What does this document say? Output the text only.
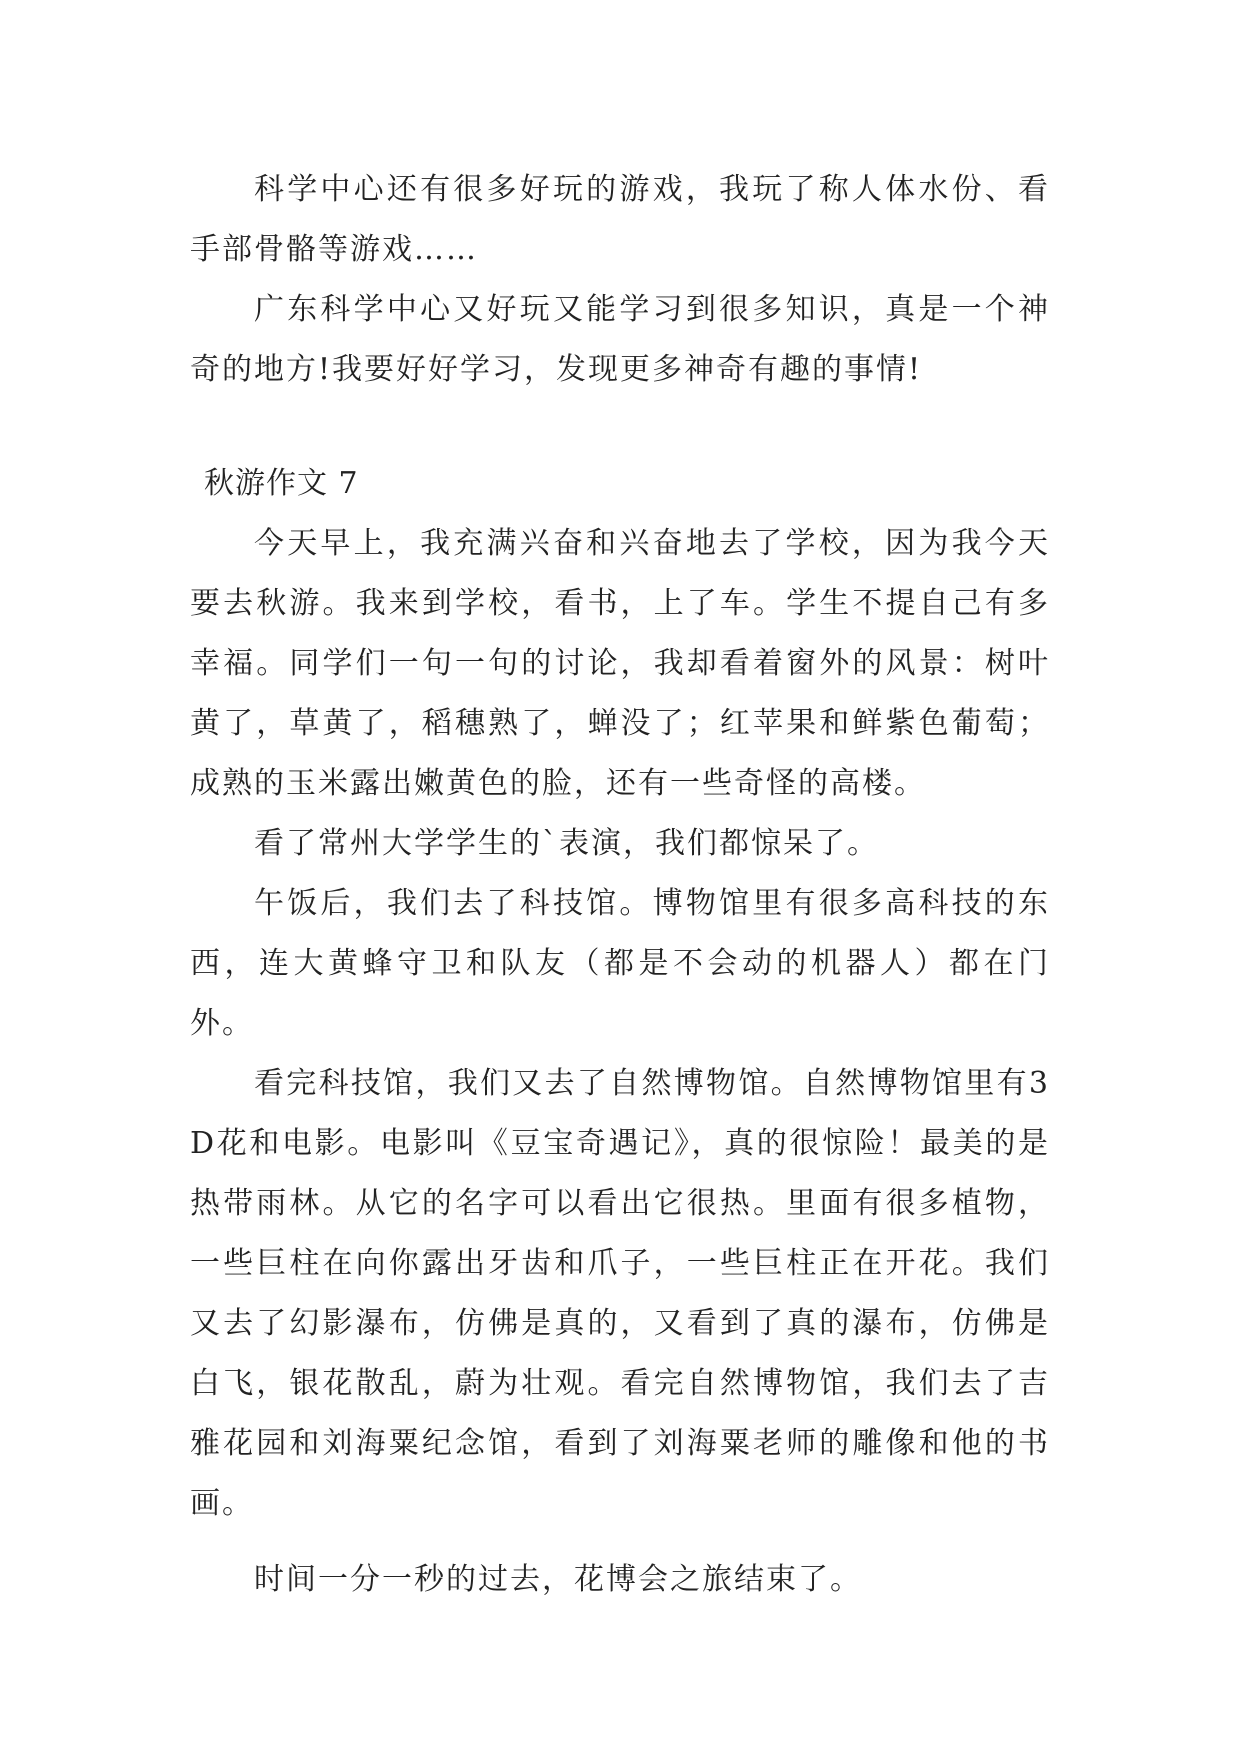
科学中心还有很多好玩的游戏，我玩了称人体水份、看手部骨骼等游戏……

广东科学中心又好玩又能学习到很多知识，真是一个神奇的地方!我要好好学习，发现更多神奇有趣的事情!

秋游作文 7

今天早上，我充满兴奋和兴奋地去了学校，因为我今天要去秋游。我来到学校，看书，上了车。学生不提自己有多幸福。同学们一句一句的讨论，我却看着窗外的风景：树叶黄了，草黄了，稻穗熟了，蝉没了；红苹果和鲜紫色葡萄；成熟的玉米露出嫩黄色的脸，还有一些奇怪的高楼。

看了常州大学学生的`表演，我们都惊呆了。

午饭后，我们去了科技馆。博物馆里有很多高科技的东西，连大黄蜂守卫和队友（都是不会动的机器人）都在门外。

看完科技馆，我们又去了自然博物馆。自然博物馆里有3D花和电影。电影叫《豆宝奇遇记》，真的很惊险！最美的是热带雨林。从它的名字可以看出它很热。里面有很多植物，一些巨柱在向你露出牙齿和爪子，一些巨柱正在开花。我们又去了幻影瀑布，仿佛是真的，又看到了真的瀑布，仿佛是白飞，银花散乱，蔚为壮观。看完自然博物馆，我们去了吉雅花园和刘海粟纪念馆，看到了刘海粟老师的雕像和他的书画。

时间一分一秒的过去，花博会之旅结束了。
